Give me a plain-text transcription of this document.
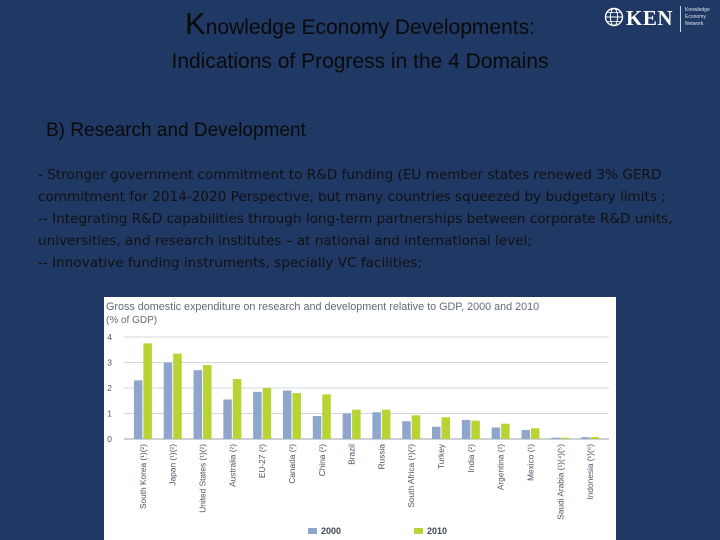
Knowledge Economy Developments:
Indications of Progress in the 4 Domains
KEN Knowledge
Economy
Network
B) Research and Development

- Stronger government commitment to R&D funding (EU member states renewed 3% GERD commitment for 2014-2020 Perspective, but many countries squeezed by budgetary limits ;

-- Integrating R&D capabilities through long-term partnerships between corporate R&D units, universities, and research institutes – at national and international level;

-- Innovative funding instruments, specially VC facilities;

Gross domestic expenditure on research and development relative to GDP, 2000 and 2010
(% of GDP)
0
1
2
3
4
South Korea (¹)(²) Japan (¹)(²) United States (¹)(²) Australia (²) EU-27 (²) Canada (²) China (²) Brazil Russia South Africa (¹)(²) Turkey India (²) Argentina (²) Mexico (¹) Saudi Arabia (¹)(⁴)(⁵) Indonesia (¹)(⁶)
2000	2010
